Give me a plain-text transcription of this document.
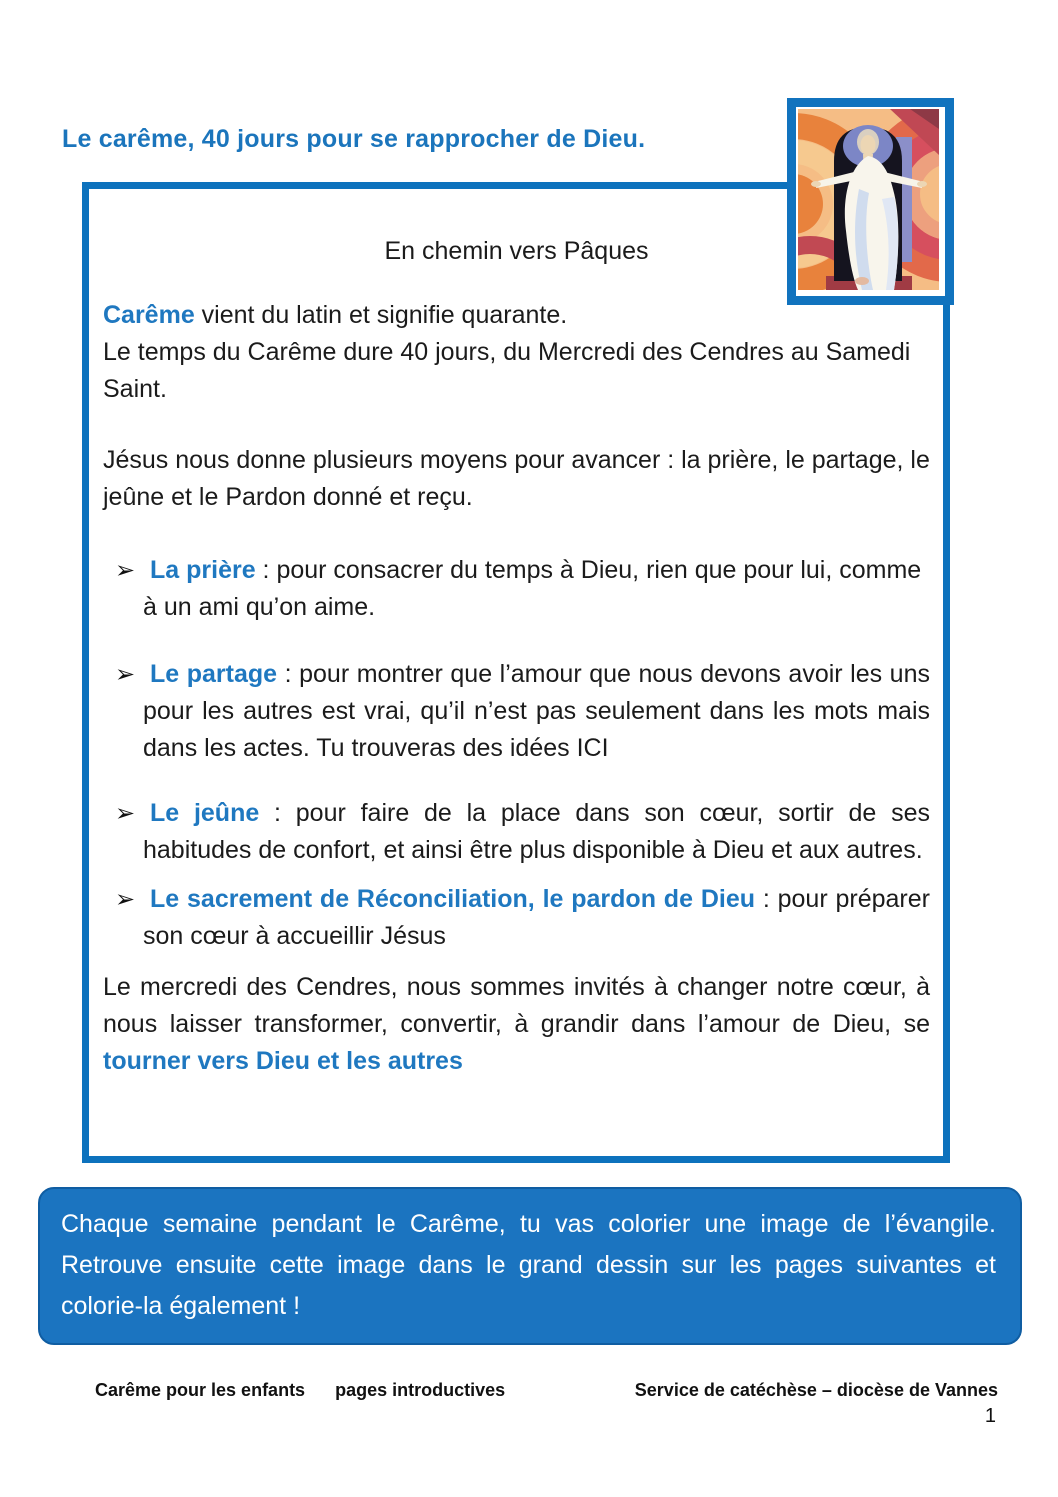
Le carême, 40 jours pour se rapprocher de Dieu.
En chemin vers Pâques

Carême vient du latin et signifie quarante.
Le temps du Carême dure 40 jours, du Mercredi des Cendres au Samedi Saint.

Jésus nous donne plusieurs moyens pour avancer : la prière, le partage, le jeûne et le Pardon donné et reçu.

➢ La prière : pour consacrer du temps à Dieu, rien que pour lui, comme à un ami qu’on aime.

➢ Le partage : pour montrer que l’amour que nous devons avoir les uns pour les autres est vrai, qu’il n’est pas seulement dans les mots mais dans les actes. Tu trouveras des idées ICI

➢ Le jeûne : pour faire de la place dans son cœur, sortir de ses habitudes de confort, et ainsi être plus disponible à Dieu et aux autres.

➢ Le sacrement de Réconciliation, le pardon de Dieu : pour préparer son cœur à accueillir Jésus

Le mercredi des Cendres, nous sommes invités à changer notre cœur, à nous laisser transformer, convertir, à grandir dans l’amour de Dieu, se tourner vers Dieu et les autres

Chaque semaine pendant le Carême, tu vas colorier une image de l’évangile. Retrouve ensuite cette image dans le grand dessin sur les pages suivantes et colorie-la également !
Carême pour les enfants pages introductives	Service de catéchèse – diocèse de Vannes
1
